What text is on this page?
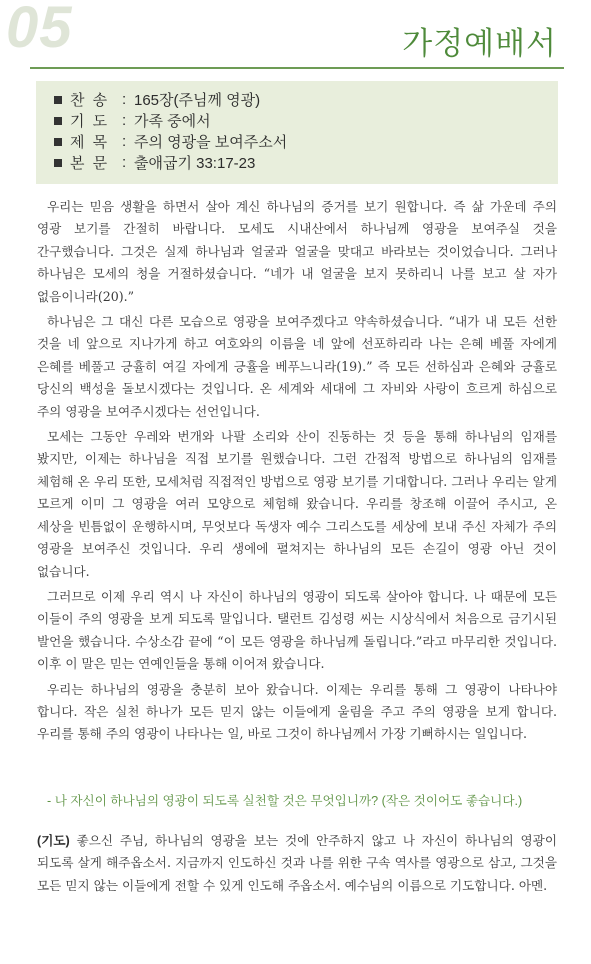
05	가정예배서
찬 송 : 165장(주님께 영광)
기 도 : 가족 중에서
제 목 : 주의 영광을 보여주소서
본 문 : 출애굽기 33:17-23

우리는 믿음 생활을 하면서 살아 계신 하나님의 증거를 보기 원합니다. 즉 삶 가운데 주의 영광 보기를 간절히 바랍니다. 모세도 시내산에서 하나님께 영광을 보여주실 것을 간구했습니다. 그것은 실제 하나님과 얼굴과 얼굴을 맞대고 바라보는 것이었습니다. 그러나 하나님은 모세의 청을 거절하셨습니다. “네가 내 얼굴을 보지 못하리니 나를 보고 살 자가 없음이니라(20).”

하나님은 그 대신 다른 모습으로 영광을 보여주겠다고 약속하셨습니다. “내가 내 모든 선한 것을 네 앞으로 지나가게 하고 여호와의 이름을 네 앞에 선포하리라 나는 은혜 베풀 자에게 은혜를 베풀고 긍휼히 여길 자에게 긍휼을 베푸느니라(19).” 즉 모든 선하심과 은혜와 긍휼로 당신의 백성을 돌보시겠다는 것입니다. 온 세계와 세대에 그 자비와 사랑이 흐르게 하심으로 주의 영광을 보여주시겠다는 선언입니다.

모세는 그동안 우레와 번개와 나팔 소리와 산이 진동하는 것 등을 통해 하나님의 임재를 봤지만, 이제는 하나님을 직접 보기를 원했습니다. 그런 간접적 방법으로 하나님의 임재를 체험해 온 우리 또한, 모세처럼 직접적인 방법으로 영광 보기를 기대합니다. 그러나 우리는 알게 모르게 이미 그 영광을 여러 모양으로 체험해 왔습니다. 우리를 창조해 이끌어 주시고, 온 세상을 빈틈없이 운행하시며, 무엇보다 독생자 예수 그리스도를 세상에 보내 주신 자체가 주의 영광을 보여주신 것입니다. 우리 생에에 펼쳐지는 하나님의 모든 손길이 영광 아닌 것이 없습니다.

그러므로 이제 우리 역시 나 자신이 하나님의 영광이 되도록 살아야 합니다. 나 때문에 모든 이들이 주의 영광을 보게 되도록 말입니다. 탤런트 김성령 씨는 시상식에서 처음으로 금기시된 발언을 했습니다. 수상소감 끝에 “이 모든 영광을 하나님께 돌립니다.”라고 마무리한 것입니다. 이후 이 말은 믿는 연예인들을 통해 이어져 왔습니다.

우리는 하나님의 영광을 충분히 보아 왔습니다. 이제는 우리를 통해 그 영광이 나타나야 합니다. 작은 실천 하나가 모든 믿지 않는 이들에게 울림을 주고 주의 영광을 보게 합니다. 우리를 통해 주의 영광이 나타나는 일, 바로 그것이 하나님께서 가장 기뻐하시는 일입니다.

- 나 자신이 하나님의 영광이 되도록 실천할 것은 무엇입니까? (작은 것이어도 좋습니다.)
(기도) 좋으신 주님, 하나님의 영광을 보는 것에 안주하지 않고 나 자신이 하나님의 영광이 되도록 살게 해주옵소서. 지금까지 인도하신 것과 나를 위한 구속 역사를 영광으로 삼고, 그것을 모든 믿지 않는 이들에게 전할 수 있게 인도해 주옵소서. 예수님의 이름으로 기도합니다. 아멘.
